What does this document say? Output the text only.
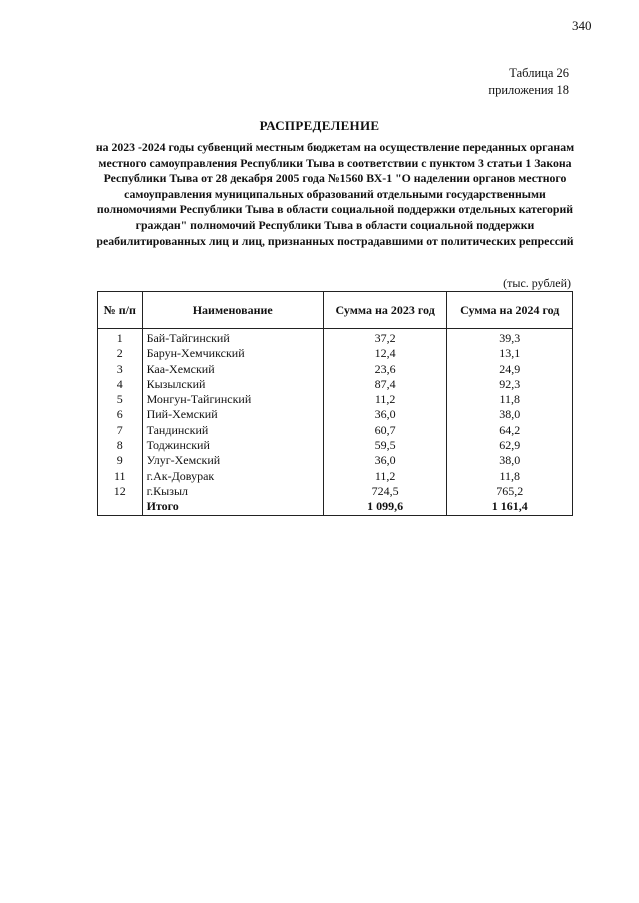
340
Таблица 26
приложения 18
РАСПРЕДЕЛЕНИЕ
на 2023 -2024 годы субвенций местным бюджетам на осуществление переданных органам местного самоуправления Республики Тыва в соответствии с пунктом 3 статьи 1 Закона Республики Тыва от 28 декабря 2005 года №1560 ВХ-1 "О наделении органов местного самоуправления муниципальных образований отдельными государственными полномочиями Республики Тыва в области социальной поддержки отдельных категорий граждан" полномочий Республики Тыва в области социальной поддержки реабилитированных лиц и лиц, признанных пострадавшими от политических репрессий
(тыс. рублей)
№ п/п	Наименование	Сумма на 2023 год	Сумма на 2024 год
1	Бай-Тайгинский	37,2	39,3
2	Барун-Хемчикский	12,4	13,1
3	Каа-Хемский	23,6	24,9
4	Кызылский	87,4	92,3
5	Монгун-Тайгинский	11,2	11,8
6	Пий-Хемский	36,0	38,0
7	Тандинский	60,7	64,2
8	Тоджинский	59,5	62,9
9	Улуг-Хемский	36,0	38,0
11	г.Ак-Довурак	11,2	11,8
12	г.Кызыл	724,5	765,2
	Итого	1 099,6	1 161,4
